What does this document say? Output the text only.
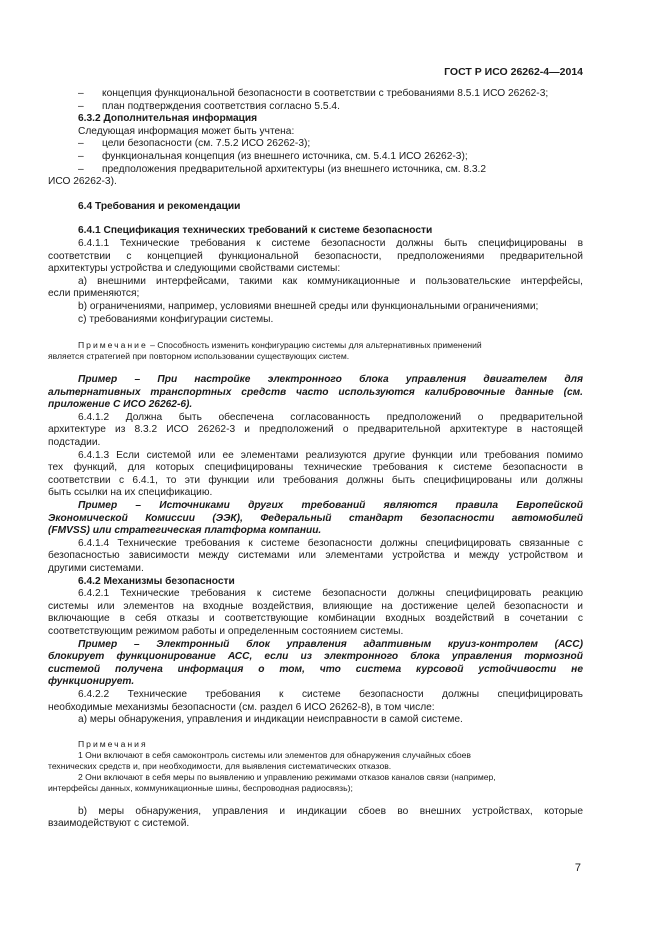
ГОСТ Р ИСО 26262-4—2014
– концепция функциональной безопасности в соответствии с требованиями 8.5.1 ИСО 26262-3;
– план подтверждения соответствия согласно 5.5.4.
6.3.2 Дополнительная информация
Следующая информация может быть учтена:
– цели безопасности (см. 7.5.2 ИСО 26262-3);
– функциональная концепция (из внешнего источника, см. 5.4.1 ИСО 26262-3);
– предположения предварительной архитектуры (из внешнего источника, см. 8.3.2
ИСО 26262-3).
6.4 Требования и рекомендации
6.4.1 Спецификация технических требований к системе безопасности
6.4.1.1 Технические требования к системе безопасности должны быть специфицированы в
соответствии с концепцией функциональной безопасности, предположениями предварительной
архитектуры устройства и следующими свойствами системы:
а) внешними интерфейсами, такими как коммуникационные и пользовательские интерфейсы,
если применяются;
b) ограничениями, например, условиями внешней среды или функциональными ограничениями;
с) требованиями конфигурации системы.
Примечание – Способность изменить конфигурацию системы для альтернативных применений
является стратегией при повторном использовании существующих систем.
Пример – При настройке электронного блока управления двигателем для
альтернативных транспортных средств часто используются калибровочные данные (см.
приложение С ИСО 26262-6).
6.4.1.2 Должна быть обеспечена согласованность предположений о предварительной
архитектуре из 8.3.2 ИСО 26262-3 и предположений о предварительной архитектуре в настоящей
подстадии.
6.4.1.3 Если системой или ее элементами реализуются другие функции или требования помимо
тех функций, для которых специфицированы технические требования к системе безопасности в
соответствии с 6.4.1, то эти функции или требования должны быть специфицированы или должны
быть ссылки на их спецификацию.
Пример – Источниками других требований являются правила Европейской
Экономической Комиссии (ЭЭК), Федеральный стандарт безопасности автомобилей
(FMVSS) или стратегическая платформа компании.
6.4.1.4 Технические требования к системе безопасности должны специфицировать связанные с
безопасностью зависимости между системами или элементами устройства и между устройством и
другими системами.
6.4.2 Механизмы безопасности
6.4.2.1 Технические требования к системе безопасности должны специфицировать реакцию
системы или элементов на входные воздействия, влияющие на достижение целей безопасности и
включающие в себя отказы и соответствующие комбинации входных воздействий в сочетании с
соответствующим режимом работы и определенным состоянием системы.
Пример – Электронный блок управления адаптивным круиз-контролем (АСС)
блокирует функционирование АСС, если из электронного блока управления тормозной
системой получена информация о том, что система курсовой устойчивости не
функционирует.
6.4.2.2 Технические требования к системе безопасности должны специфицировать
необходимые механизмы безопасности (см. раздел 6 ИСО 26262-8), в том числе:
а) меры обнаружения, управления и индикации неисправности в самой системе.
Примечания
1 Они включают в себя самоконтроль системы или элементов для обнаружения случайных сбоев
технических средств и, при необходимости, для выявления систематических отказов.
2 Они включают в себя меры по выявлению и управлению режимами отказов каналов связи (например,
интерфейсы данных, коммуникационные шины, беспроводная радиосвязь);
b) меры обнаружения, управления и индикации сбоев во внешних устройствах, которые
взаимодействуют с системой.
7
